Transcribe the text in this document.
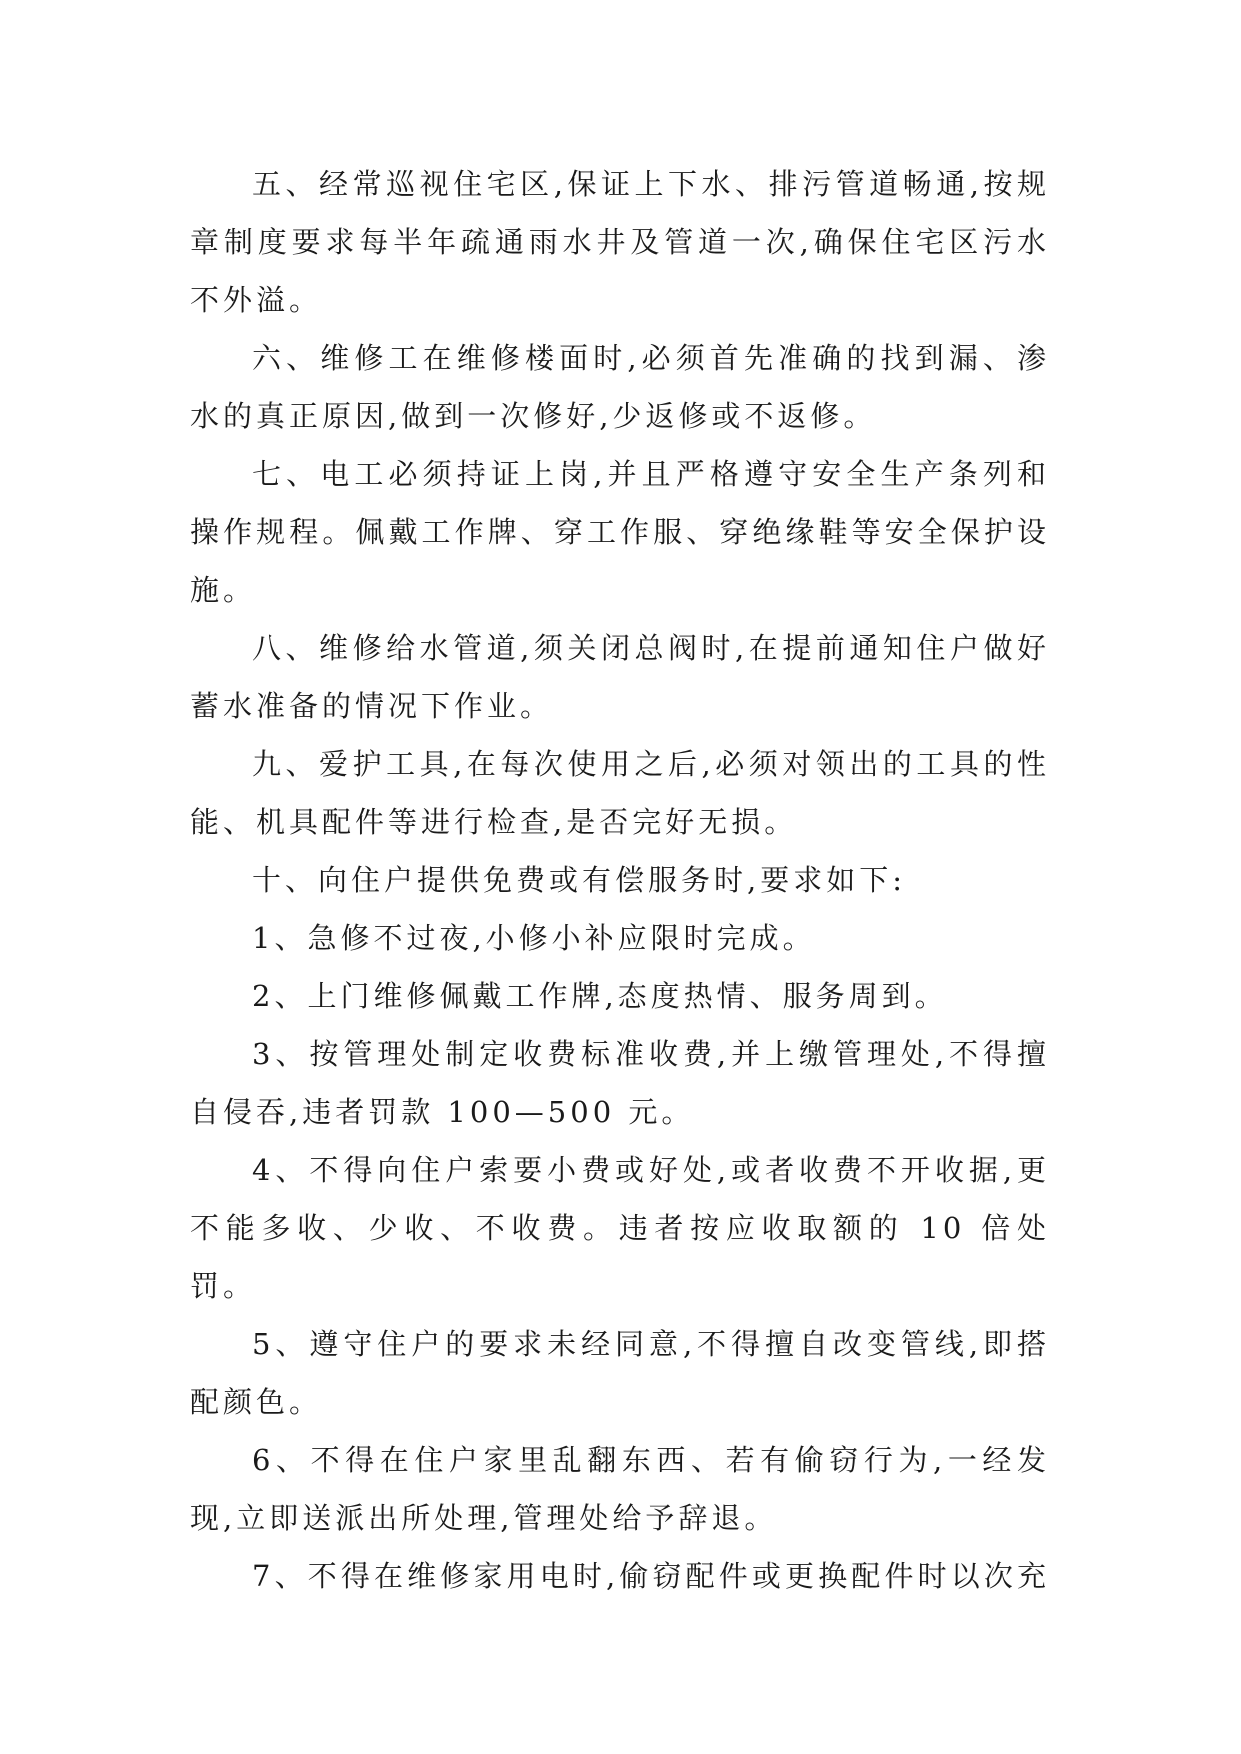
五、经常巡视住宅区,保证上下水、排污管道畅通,按规章制度要求每半年疏通雨水井及管道一次,确保住宅区污水不外溢。

六、维修工在维修楼面时,必须首先准确的找到漏、渗水的真正原因,做到一次修好,少返修或不返修。

七、电工必须持证上岗,并且严格遵守安全生产条列和操作规程。佩戴工作牌、穿工作服、穿绝缘鞋等安全保护设施。

八、维修给水管道,须关闭总阀时,在提前通知住户做好蓄水准备的情况下作业。

九、爱护工具,在每次使用之后,必须对领出的工具的性能、机具配件等进行检查,是否完好无损。

十、向住户提供免费或有偿服务时,要求如下:

1、急修不过夜,小修小补应限时完成。

2、上门维修佩戴工作牌,态度热情、服务周到。

3、按管理处制定收费标准收费,并上缴管理处,不得擅自侵吞,违者罚款 100—500 元。

4、不得向住户索要小费或好处,或者收费不开收据,更不能多收、少收、不收费。违者按应收取额的 10 倍处罚。

5、遵守住户的要求未经同意,不得擅自改变管线,即搭配颜色。

6、不得在住户家里乱翻东西、若有偷窃行为,一经发现,立即送派出所处理,管理处给予辞退。

7、不得在维修家用电时,偷窃配件或更换配件时以次充
